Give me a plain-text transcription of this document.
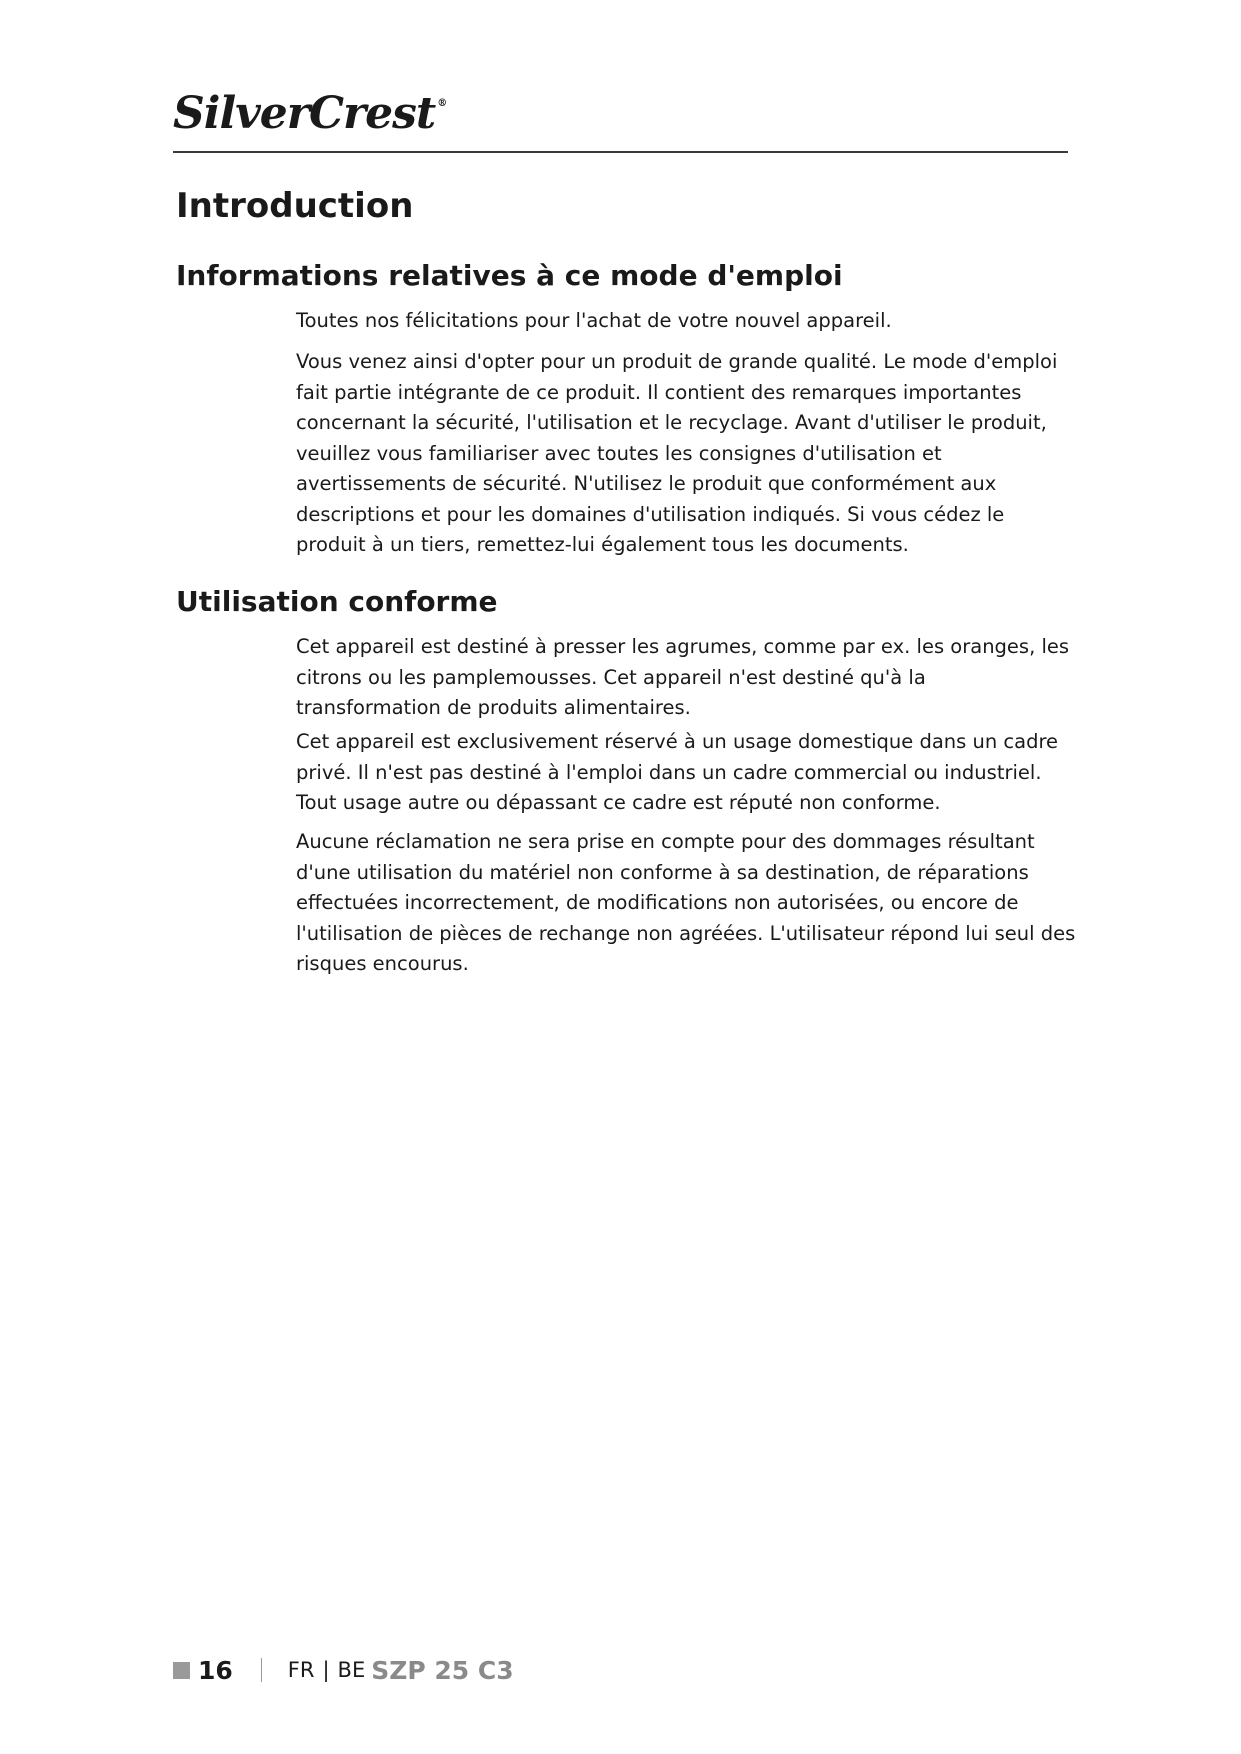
SilverCrest ®
Introduction
Informations relatives à ce mode d'emploi

Toutes nos félicitations pour l'achat de votre nouvel appareil.

Vous venez ainsi d'opter pour un produit de grande qualité. Le mode d'emploi fait partie intégrante de ce produit. Il contient des remarques importantes concernant la sécurité, l'utilisation et le recyclage. Avant d'utiliser le produit, veuillez vous familiariser avec toutes les consignes d'utilisation et avertissements de sécurité. N'utilisez le produit que conformément aux descriptions et pour les domaines d'utilisation indiqués. Si vous cédez le produit à un tiers, remettez-lui également tous les documents.

Utilisation conforme

Cet appareil est destiné à presser les agrumes, comme par ex. les oranges, les citrons ou les pamplemousses. Cet appareil n'est destiné qu'à la transformation de produits alimentaires.

Cet appareil est exclusivement réservé à un usage domestique dans un cadre privé. Il n'est pas destiné à l'emploi dans un cadre commercial ou industriel. Tout usage autre ou dépassant ce cadre est réputé non conforme.

Aucune réclamation ne sera prise en compte pour des dommages résultant d'une utilisation du matériel non conforme à sa destination, de réparations effectuées incorrectement, de modifications non autorisées, ou encore de l'utilisation de pièces de rechange non agréées. L'utilisateur répond lui seul des risques encourus.

16	FR | BE SZP 25 C3
